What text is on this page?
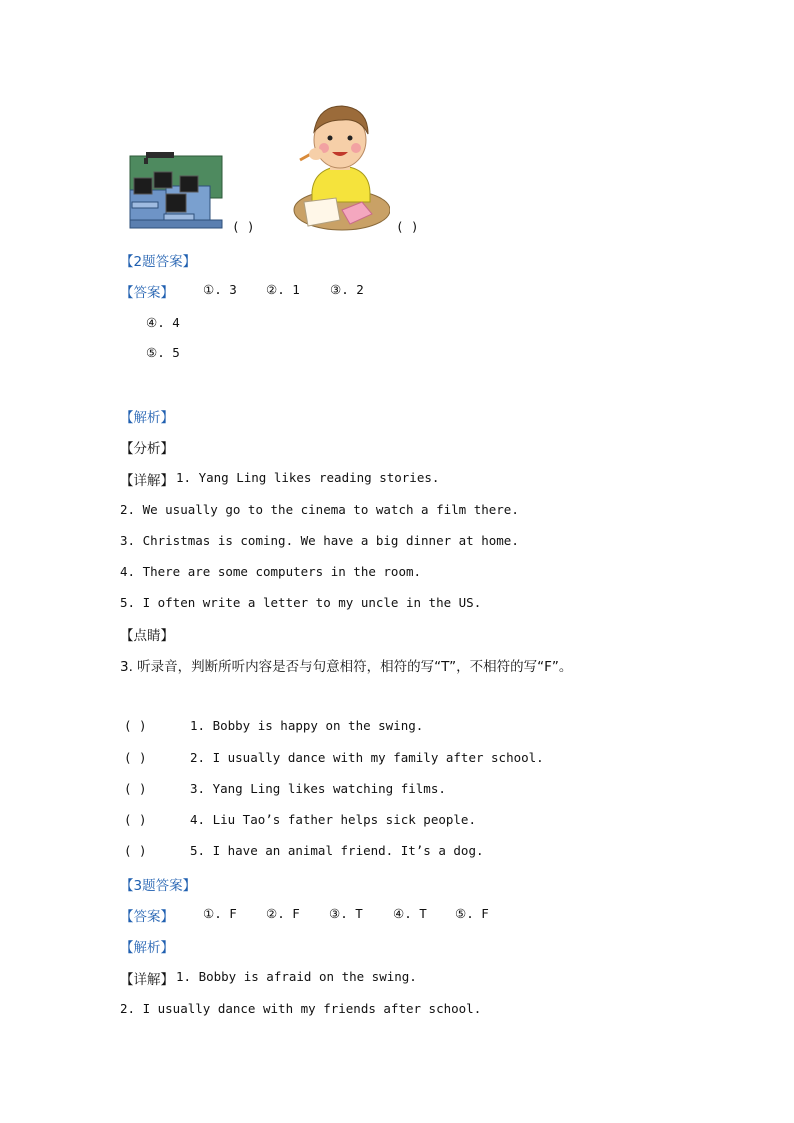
( )	( )
【2题答案】
【答案】 ①. 3 ②. 1 ③. 2
④. 4
⑤. 5
【解析】
【分析】
【详解】 1. Yang Ling likes reading stories.
2. We usually go to the cinema to watch a film there.
3. Christmas is coming. We have a big dinner at home.
4. There are some computers in the room.
5. I often write a letter to my uncle in the US.
【点睛】
3. 听录音，判断所听内容是否与句意相符，相符的写“T”，不相符的写“F”。
( )	1. Bobby is happy on the swing.
( )	2. I usually dance with my family after school.
( )	3. Yang Ling likes watching films.
( )	4. Liu Tao’s father helps sick people.
( )	5. I have an animal friend. It’s a dog.
【3题答案】
【答案】 ①. F ②. F ③. T ④. T ⑤. F
【解析】
【详解】 1. Bobby is afraid on the swing.
2. I usually dance with my friends after school.
